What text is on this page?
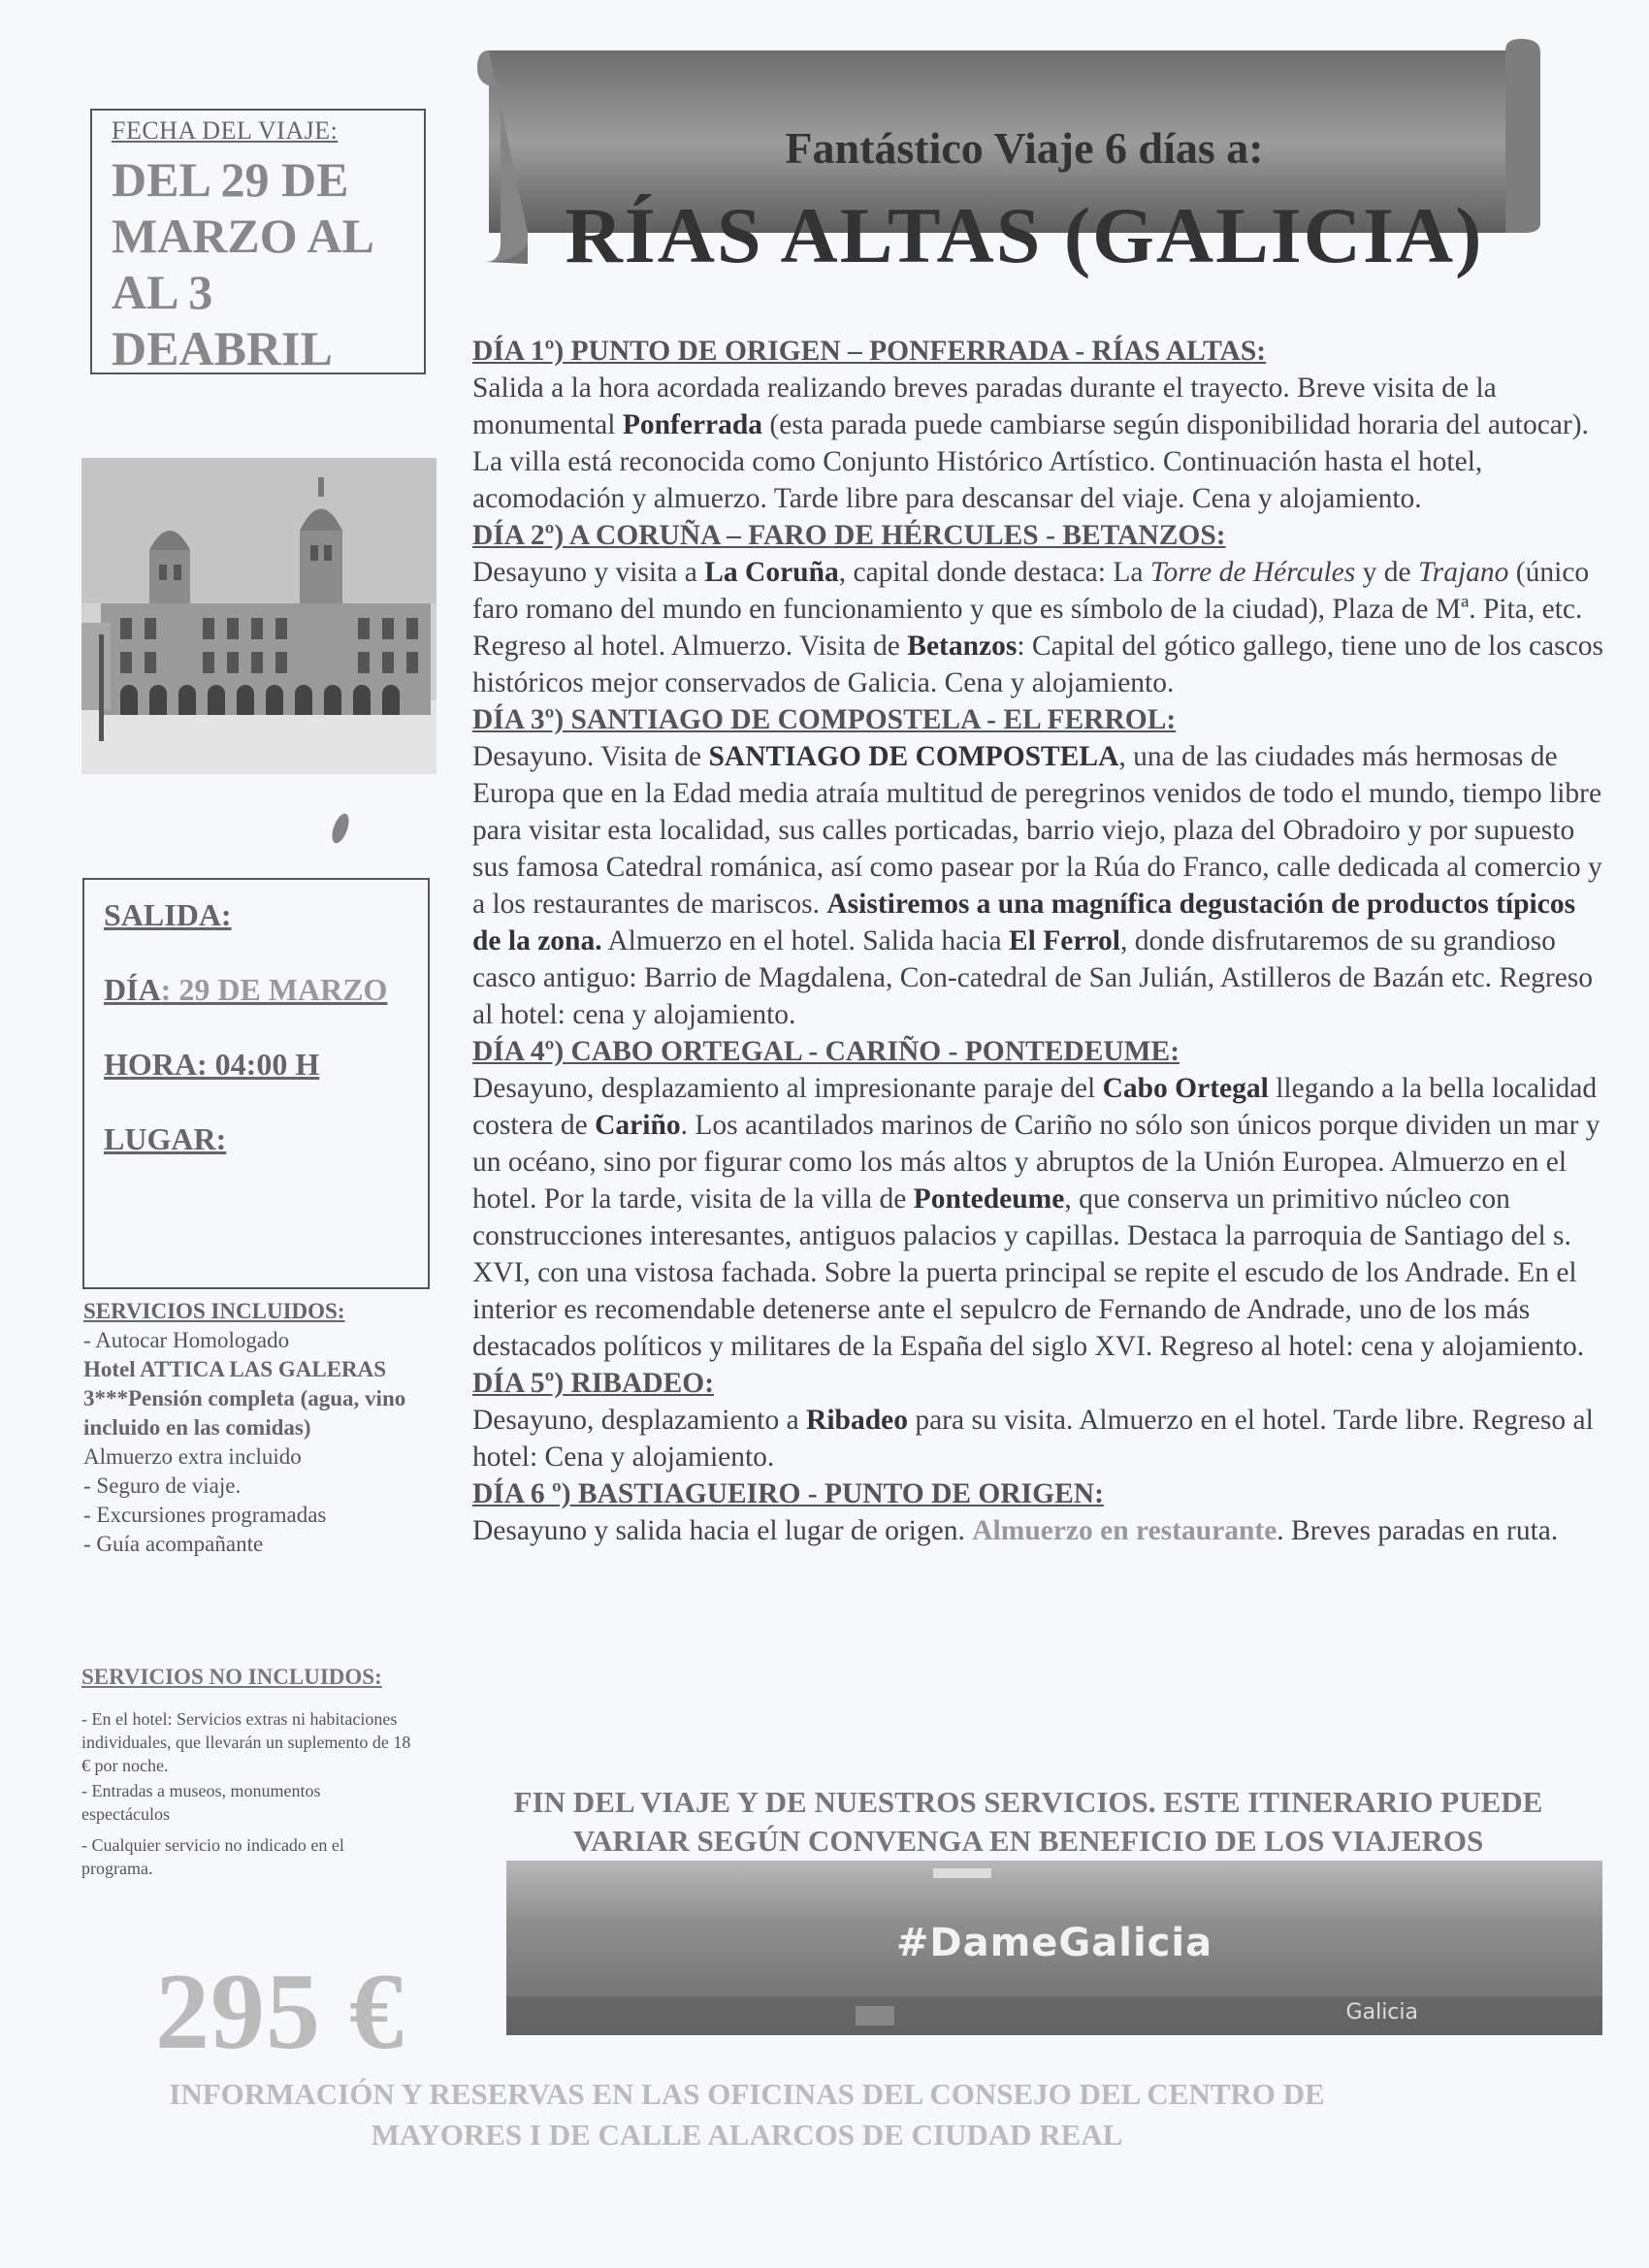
FECHA DEL VIAJE:
DEL 29 DE
MARZO AL
AL 3
DEABRIL
SALIDA:
DÍA: 29 DE MARZO
HORA: 04:00 H
LUGAR:
SERVICIOS INCLUIDOS:
- Autocar Homologado
Hotel ATTICA LAS GALERAS 3***Pensión completa (agua, vino incluido en las comidas)
Almuerzo extra incluido
- Seguro de viaje.
- Excursiones programadas
- Guía acompañante
SERVICIOS NO INCLUIDOS:
- En el hotel: Servicios extras ni habitaciones individuales, que llevarán un suplemento de 18 € por noche.
- Entradas a museos, monumentos espectáculos
- Cualquier servicio no indicado en el programa.
295 €
Fantástico Viaje 6 días a:
RÍAS ALTAS (GALICIA)

DÍA 1º) PUNTO DE ORIGEN – PONFERRADA - RÍAS ALTAS:

Salida a la hora acordada realizando breves paradas durante el trayecto. Breve visita de la monumental Ponferrada (esta parada puede cambiarse según disponibilidad horaria del autocar). La villa está reconocida como Conjunto Histórico Artístico. Continuación hasta el hotel, acomodación y almuerzo. Tarde libre para descansar del viaje. Cena y alojamiento.

DÍA 2º) A CORUÑA – FARO DE HÉRCULES - BETANZOS:

Desayuno y visita a La Coruña, capital donde destaca: La Torre de Hércules y de Trajano (único faro romano del mundo en funcionamiento y que es símbolo de la ciudad), Plaza de Mª. Pita, etc. Regreso al hotel. Almuerzo. Visita de Betanzos: Capital del gótico gallego, tiene uno de los cascos históricos mejor conservados de Galicia. Cena y alojamiento.

DÍA 3º) SANTIAGO DE COMPOSTELA - EL FERROL:

Desayuno. Visita de SANTIAGO DE COMPOSTELA, una de las ciudades más hermosas de Europa que en la Edad media atraía multitud de peregrinos venidos de todo el mundo, tiempo libre para visitar esta localidad, sus calles porticadas, barrio viejo, plaza del Obradoiro y por supuesto sus famosa Catedral románica, así como pasear por la Rúa do Franco, calle dedicada al comercio y a los restaurantes de mariscos. Asistiremos a una magnífica degustación de productos típicos de la zona. Almuerzo en el hotel. Salida hacia El Ferrol, donde disfrutaremos de su grandioso casco antiguo: Barrio de Magdalena, Con-catedral de San Julián, Astilleros de Bazán etc. Regreso al hotel: cena y alojamiento.

DÍA 4º) CABO ORTEGAL - CARIÑO - PONTEDEUME:

Desayuno, desplazamiento al impresionante paraje del Cabo Ortegal llegando a la bella localidad costera de Cariño. Los acantilados marinos de Cariño no sólo son únicos porque dividen un mar y un océano, sino por figurar como los más altos y abruptos de la Unión Europea. Almuerzo en el hotel. Por la tarde, visita de la villa de Pontedeume, que conserva un primitivo núcleo con construcciones interesantes, antiguos palacios y capillas. Destaca la parroquia de Santiago del s. XVI, con una vistosa fachada. Sobre la puerta principal se repite el escudo de los Andrade. En el interior es recomendable detenerse ante el sepulcro de Fernando de Andrade, uno de los más destacados políticos y militares de la España del siglo XVI. Regreso al hotel: cena y alojamiento.

DÍA 5º) RIBADEO:

Desayuno, desplazamiento a Ribadeo para su visita. Almuerzo en el hotel. Tarde libre. Regreso al hotel: Cena y alojamiento.

DÍA 6 º) BASTIAGUEIRO - PUNTO DE ORIGEN:

Desayuno y salida hacia el lugar de origen. Almuerzo en restaurante. Breves paradas en ruta.

FIN DEL VIAJE Y DE NUESTROS SERVICIOS. ESTE ITINERARIO PUEDE VARIAR SEGÚN CONVENGA EN BENEFICIO DE LOS VIAJEROS
#DameGalicia
Galicia
INFORMACIÓN Y RESERVAS EN LAS OFICINAS DEL CONSEJO DEL CENTRO DE MAYORES I DE CALLE ALARCOS DE CIUDAD REAL
